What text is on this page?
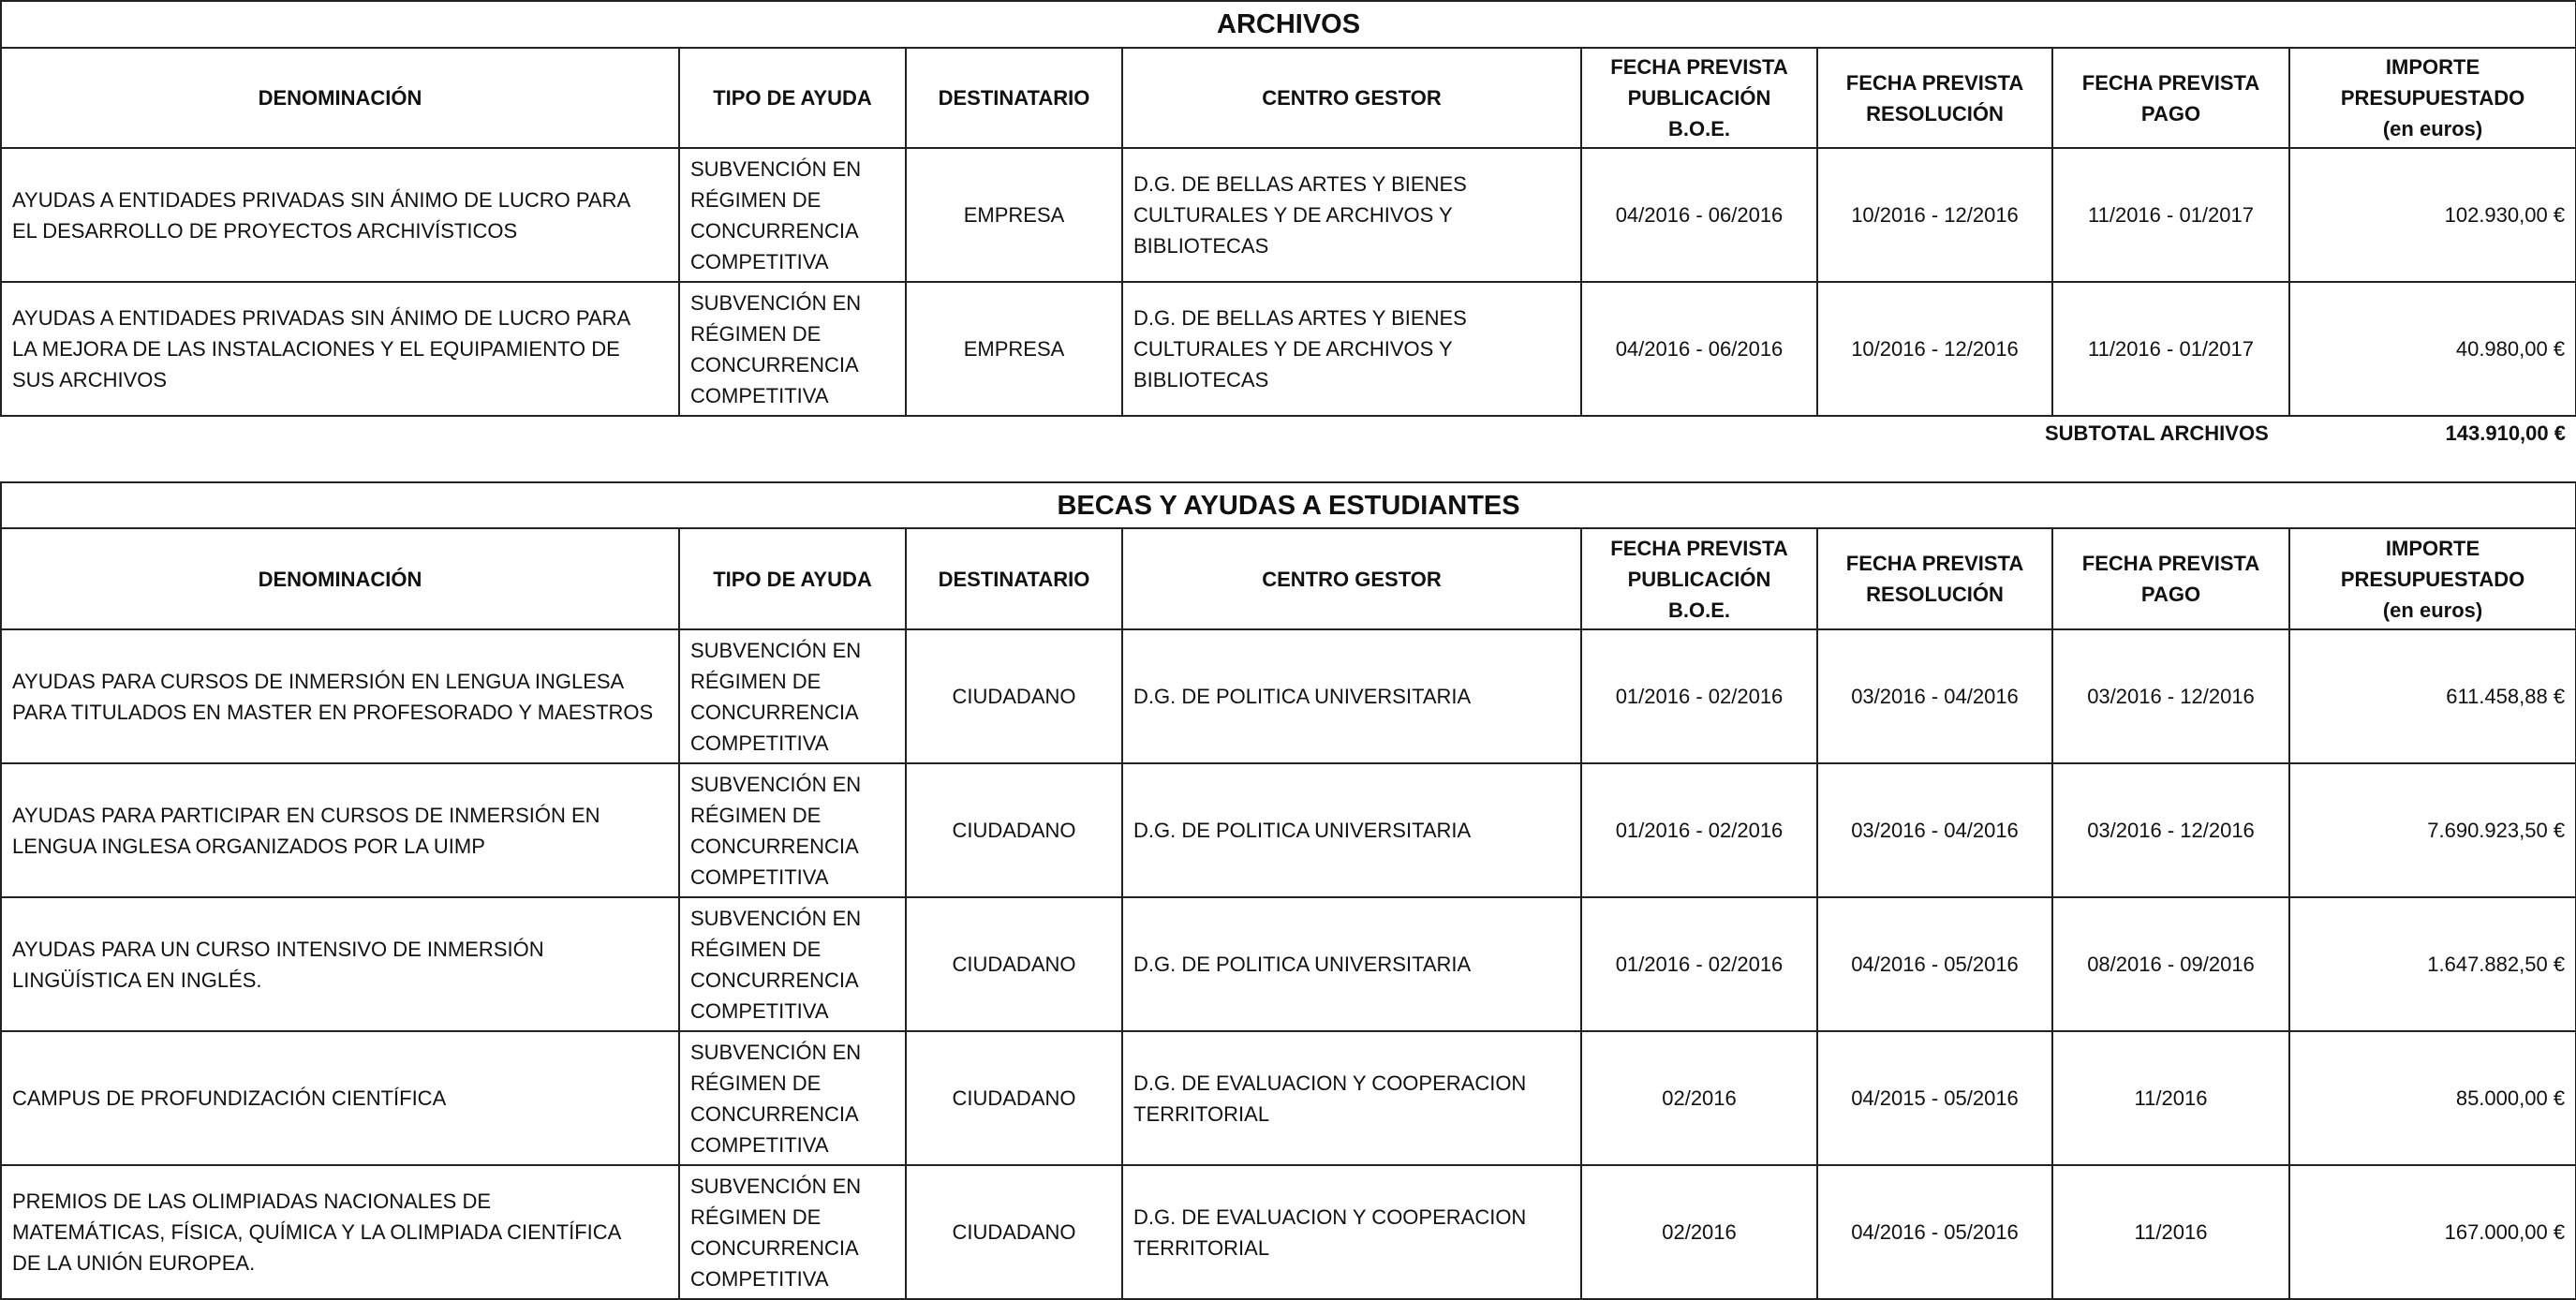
ARCHIVOS							
DENOMINACIÓN	TIPO DE AYUDA	DESTINATARIO	CENTRO GESTOR	FECHA PREVISTA
PUBLICACIÓN
B.O.E.	FECHA PREVISTA
RESOLUCIÓN	FECHA PREVISTA
PAGO	IMPORTE
PRESUPUESTADO
(en euros)
AYUDAS A ENTIDADES PRIVADAS SIN ÁNIMO DE LUCRO PARA
EL DESARROLLO DE PROYECTOS ARCHIVÍSTICOS	SUBVENCIÓN EN
RÉGIMEN DE
CONCURRENCIA
COMPETITIVA	EMPRESA	D.G. DE BELLAS ARTES Y BIENES
CULTURALES Y DE ARCHIVOS Y
BIBLIOTECAS	04/2016 - 06/2016	10/2016 - 12/2016	11/2016 - 01/2017	102.930,00 €
AYUDAS A ENTIDADES PRIVADAS SIN ÁNIMO DE LUCRO PARA
LA MEJORA DE LAS INSTALACIONES Y EL EQUIPAMIENTO DE
SUS ARCHIVOS	SUBVENCIÓN EN
RÉGIMEN DE
CONCURRENCIA
COMPETITIVA	EMPRESA	D.G. DE BELLAS ARTES Y BIENES
CULTURALES Y DE ARCHIVOS Y
BIBLIOTECAS	04/2016 - 06/2016	10/2016 - 12/2016	11/2016 - 01/2017	40.980,00 €
SUBTOTAL ARCHIVOS	143.910,00 €
BECAS Y AYUDAS A ESTUDIANTES							
DENOMINACIÓN	TIPO DE AYUDA	DESTINATARIO	CENTRO GESTOR	FECHA PREVISTA
PUBLICACIÓN
B.O.E.	FECHA PREVISTA
RESOLUCIÓN	FECHA PREVISTA
PAGO	IMPORTE
PRESUPUESTADO
(en euros)
AYUDAS PARA CURSOS DE INMERSIÓN EN LENGUA INGLESA
PARA TITULADOS EN MASTER EN PROFESORADO Y MAESTROS	SUBVENCIÓN EN
RÉGIMEN DE
CONCURRENCIA
COMPETITIVA	CIUDADANO	D.G. DE POLITICA UNIVERSITARIA	01/2016 - 02/2016	03/2016 - 04/2016	03/2016 - 12/2016	611.458,88 €
AYUDAS PARA PARTICIPAR EN CURSOS DE INMERSIÓN EN
LENGUA INGLESA ORGANIZADOS POR LA UIMP	SUBVENCIÓN EN
RÉGIMEN DE
CONCURRENCIA
COMPETITIVA	CIUDADANO	D.G. DE POLITICA UNIVERSITARIA	01/2016 - 02/2016	03/2016 - 04/2016	03/2016 - 12/2016	7.690.923,50 €
AYUDAS PARA UN CURSO INTENSIVO DE INMERSIÓN
LINGÜÍSTICA EN INGLÉS.	SUBVENCIÓN EN
RÉGIMEN DE
CONCURRENCIA
COMPETITIVA	CIUDADANO	D.G. DE POLITICA UNIVERSITARIA	01/2016 - 02/2016	04/2016 - 05/2016	08/2016 - 09/2016	1.647.882,50 €
CAMPUS DE PROFUNDIZACIÓN CIENTÍFICA	SUBVENCIÓN EN
RÉGIMEN DE
CONCURRENCIA
COMPETITIVA	CIUDADANO	D.G. DE EVALUACION Y COOPERACION
TERRITORIAL	02/2016	04/2015 - 05/2016	11/2016	85.000,00 €
PREMIOS DE LAS OLIMPIADAS NACIONALES DE
MATEMÁTICAS, FÍSICA, QUÍMICA Y LA OLIMPIADA CIENTÍFICA
DE LA UNIÓN EUROPEA.	SUBVENCIÓN EN
RÉGIMEN DE
CONCURRENCIA
COMPETITIVA	CIUDADANO	D.G. DE EVALUACION Y COOPERACION
TERRITORIAL	02/2016	04/2016 - 05/2016	11/2016	167.000,00 €
